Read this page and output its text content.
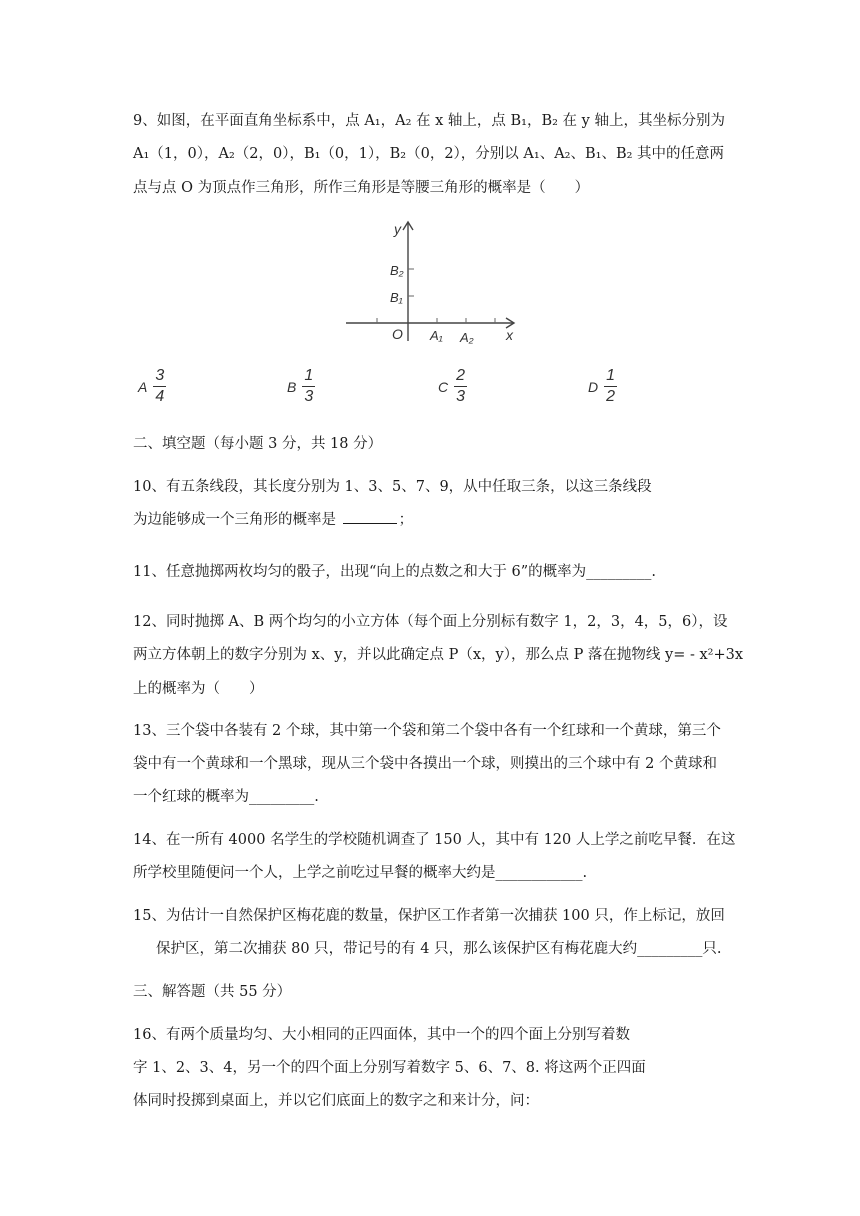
9、如图，在平面直角坐标系中，点 A₁，A₂ 在 x 轴上，点 B₁，B₂ 在 y 轴上，其坐标分别为
A₁（1，0），A₂（2，0），B₁（0，1），B₂（0，2），分别以 A₁、A₂、B₁、B₂ 其中的任意两
点与点 O 为顶点作三角形，所作三角形是等腰三角形的概率是（　　）
y
x
O
B₂
B₁
A₁ A₂
A $\frac{3}{4}$	B $\frac{1}{3}$	C $\frac{2}{3}$	D $\frac{1}{2}$
二、填空题（每小题 3 分，共 18 分）
10、有五条线段，其长度分别为 1、3、5、7、9，从中任取三条，以这三条线段
为边能够成一个三角形的概率是	；
11、任意抛掷两枚均匀的骰子，出现“向上的点数之和大于 6”的概率为_________.
12、同时抛掷 A、B 两个均匀的小立方体（每个面上分别标有数字 1，2，3，4，5，6），设
两立方体朝上的数字分别为 x、y，并以此确定点 P（x，y），那么点 P 落在抛物线 y= - x²+3x
上的概率为（　　）
13、三个袋中各装有 2 个球，其中第一个袋和第二个袋中各有一个红球和一个黄球，第三个
袋中有一个黄球和一个黑球，现从三个袋中各摸出一个球，则摸出的三个球中有 2 个黄球和
一个红球的概率为_________.
14、在一所有 4000 名学生的学校随机调查了 150 人，其中有 120 人上学之前吃早餐．在这
所学校里随便问一个人，上学之前吃过早餐的概率大约是____________.
15、为估计一自然保护区梅花鹿的数量，保护区工作者第一次捕获 100 只，作上标记，放回
保护区，第二次捕获 80 只，带记号的有 4 只，那么该保护区有梅花鹿大约_________只.
三、解答题（共 55 分）
16、有两个质量均匀、大小相同的正四面体，其中一个的四个面上分别写着数
字 1、2、3、4，另一个的四个面上分别写着数字 5、6、7、8. 将这两个正四面
体同时投掷到桌面上，并以它们底面上的数字之和来计分，问：
